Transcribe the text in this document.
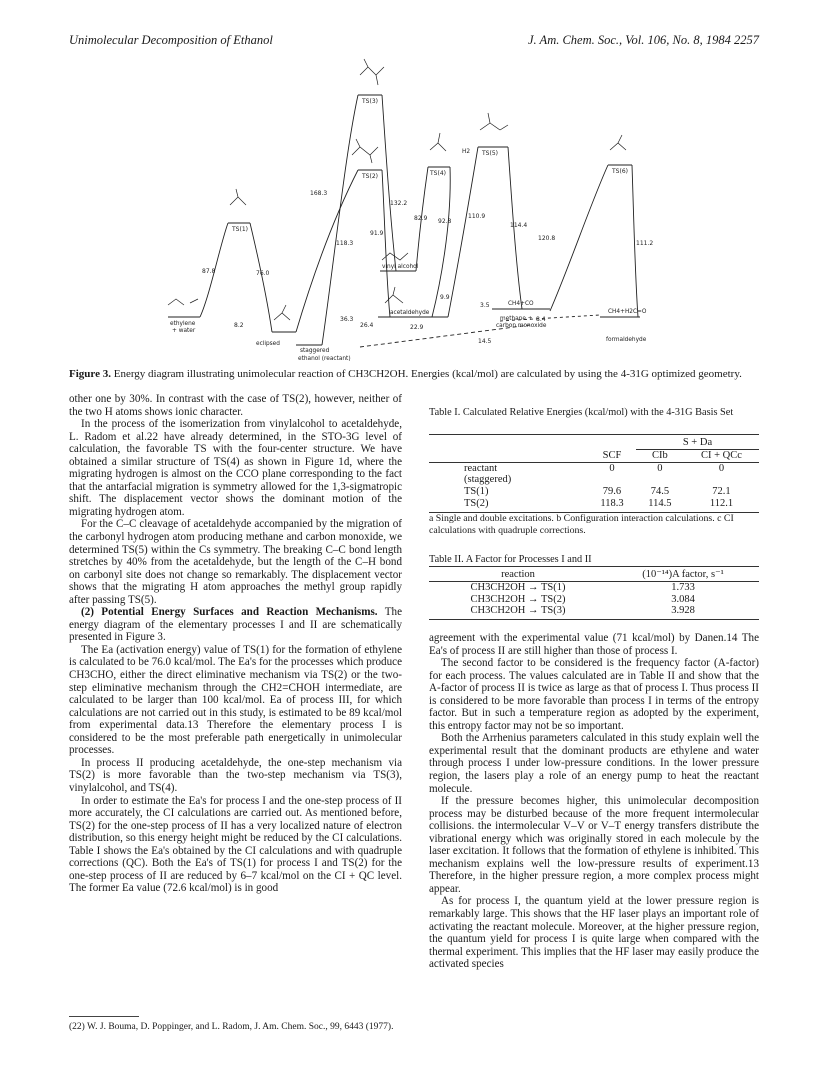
Unimolecular Decomposition of Ethanol	J. Am. Chem. Soc., Vol. 106, No. 8, 1984 2257
TS(3)
TS(2)	TS(4)
TS(5)
TS(6)
TS(1)
168.3
132.2
82.9 92.8
110.9
114.4
120.8
111.2
118.3
91.9
87.8	76.0
8.2
36.3
26.4	22.9
9.9
3.5
8.4
14.5
vinyl alcohol
acetaldehyde
methane +
carbon monoxide
formaldehyde
ethylene
+ water
eclipsed
staggered
ethanol (reactant)
H2
CH4+CO
CH4+H2C=O
Figure 3. Energy diagram illustrating unimolecular reaction of CH3CH2OH. Energies (kcal/mol) are calculated by using the 4-31G optimized geometry.

other one by 30%. In contrast with the case of TS(2), however, neither of the two H atoms shows ionic character.

In the process of the isomerization from vinylalcohol to acetaldehyde, L. Radom et al.22 have already determined, in the STO-3G level of calculation, the favorable TS with the four-center structure. We have obtained a similar structure of TS(4) as shown in Figure 1d, where the migrating hydrogen is almost on the CCO plane corresponding to the fact that the antarfacial migration is symmetry allowed for the 1,3-sigmatropic shift. The displacement vector shows the dominant motion of the migrating hydrogen atom.

For the C–C cleavage of acetaldehyde accompanied by the migration of the carbonyl hydrogen atom producing methane and carbon monoxide, we determined TS(5) within the Cs symmetry. The breaking C–C bond length stretches by 40% from the acetaldehyde, but the length of the C–H bond on carbonyl site does not change so remarkably. The displacement vector shows that the migrating H atom approaches the methyl group rapidly after passing TS(5).

(2) Potential Energy Surfaces and Reaction Mechanisms. The energy diagram of the elementary processes I and II are schematically presented in Figure 3.

The Ea (activation energy) value of TS(1) for the formation of ethylene is calculated to be 76.0 kcal/mol. The Ea's for the processes which produce CH3CHO, either the direct eliminative mechanism via TS(2) or the two-step eliminative mechanism through the CH2=CHOH intermediate, are calculated to be larger than 100 kcal/mol. Ea of process III, for which calculations are not carried out in this study, is estimated to be 89 kcal/mol from experimental data.13 Therefore the elementary process I is considered to be the most preferable path energetically in unimolecular processes.

In process II producing acetaldehyde, the one-step mechanism via TS(2) is more favorable than the two-step mechanism via TS(3), vinylalcohol, and TS(4).

In order to estimate the Ea's for process I and the one-step process of II more accurately, the CI calculations are carried out. As mentioned before, TS(2) for the one-step process of II has a very localized nature of electron distribution, so this energy height might be reduced by the CI calculations. Table I shows the Ea's obtained by the CI calculations and with quadruple corrections (QC). Both the Ea's of TS(1) for process I and TS(2) for the one-step process of II are reduced by 6–7 kcal/mol on the CI + QC level. The former Ea value (72.6 kcal/mol) is in good

(22) W. J. Bouma, D. Poppinger, and L. Radom, J. Am. Chem. Soc., 99, 6443 (1977).
Table I. Calculated Relative Energies (kcal/mol) with the 4-31G Basis Set

		S + Da	
	SCF	CIb	CI + QCc
reactant	0	0	0
(staggered)			
TS(1)	79.6	74.5	72.1
TS(2)	118.3	114.5	112.1

a Single and double excitations. b Configuration interaction calculations. c CI calculations with quadruple corrections.
Table II. A Factor for Processes I and II

reaction	(10⁻¹⁴)A factor, s⁻¹
CH3CH2OH → TS(1)	1.733
CH3CH2OH → TS(2)	3.084
CH3CH2OH → TS(3)	3.928

agreement with the experimental value (71 kcal/mol) by Danen.14 The Ea's of process II are still higher than those of process I.

The second factor to be considered is the frequency factor (A-factor) for each process. The values calculated are in Table II and show that the A-factor of process II is twice as large as that of process I. Thus process II is considered to be more favorable than process I in terms of the entropy factor. But in such a temperature region as adopted by the experiment, this entropy factor may not be so important.

Both the Arrhenius parameters calculated in this study explain well the experimental result that the dominant products are ethylene and water through process I under low-pressure conditions. In the lower pressure region, the lasers play a role of an energy pump to heat the reactant molecule.

If the pressure becomes higher, this unimolecular decomposition process may be disturbed because of the more frequent intermolecular collisions. the intermolecular V–V or V–T energy transfers distribute the vibrational energy which was originally stored in each molecule by the laser excitation. It follows that the formation of ethylene is inhibited. This mechanism explains well the low-pressure results of experiment.13 Therefore, in the higher pressure region, a more complex process might appear.

As for process I, the quantum yield at the lower pressure region is remarkably large. This shows that the HF laser plays an important role of activating the reactant molecule. Moreover, at the higher pressure region, the quantum yield for process I is quite large when compared with the thermal experiment. This implies that the HF laser may easily produce the activated species
